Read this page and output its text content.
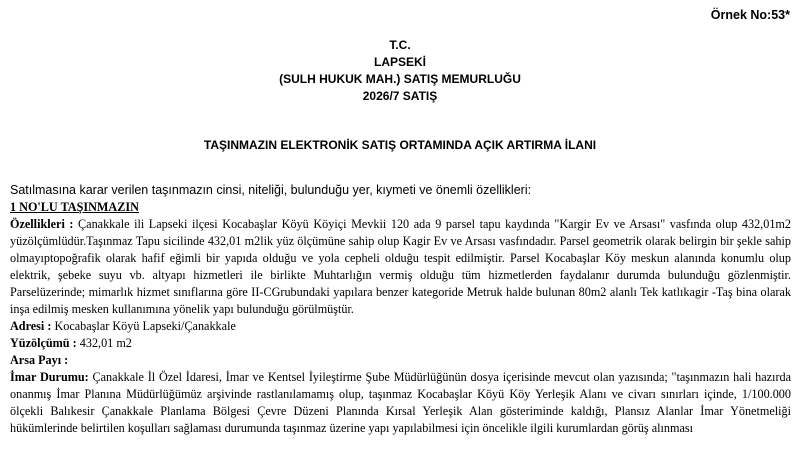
Örnek No:53*
T.C.
LAPSEKİ
(SULH HUKUK MAH.) SATIŞ MEMURLUĞU
2026/7 SATIŞ
TAŞINMAZIN ELEKTRONİK SATIŞ ORTAMINDA AÇIK ARTIRMA İLANI
Satılmasına karar verilen taşınmazın cinsi, niteliği, bulunduğu yer, kıymeti ve önemli özellikleri:

1 NO'LU TAŞINMAZIN

Özellikleri : Çanakkale ili Lapseki ilçesi Kocabaşlar Köyü Köyiçi Mevkii 120 ada 9 parsel tapu kaydında "Kargir Ev ve Arsası" vasfında olup 432,01m2 yüzölçümlüdür.Taşınmaz Tapu sicilinde 432,01 m2lik yüz ölçümüne sahip olup Kagir Ev ve Arsası vasfındadır. Parsel geometrik olarak belirgin bir şekle sahip olmayıptopoğrafik olarak hafif eğimli bir yapıda olduğu ve yola cepheli olduğu tespit edilmiştir. Parsel Kocabaşlar Köy meskun alanında konumlu olup elektrik, şebeke suyu vb. altyapı hizmetleri ile birlikte Muhtarlığın vermiş olduğu tüm hizmetlerden faydalanır durumda bulunduğu gözlenmiştir. Parselüzerinde; mimarlık hizmet sınıflarına göre II-CGrubundaki yapılara benzer kategoride Metruk halde bulunan 80m2 alanlı Tek katlıkagir -Taş bina olarak inşa edilmiş mesken kullanımına yönelik yapı bulunduğu görülmüştür.

Adresi : Kocabaşlar Köyü Lapseki/Çanakkale

Yüzölçümü : 432,01 m2

Arsa Payı :

İmar Durumu: Çanakkale İl Özel İdaresi, İmar ve Kentsel İyileştirme Şube Müdürlüğünün dosya içerisinde mevcut olan yazısında; "taşınmazın hali hazırda onanmış İmar Planına Müdürlüğümüz arşivinde rastlanılamamış olup, taşınmaz Kocabaşlar Köyü Köy Yerleşik Alanı ve civarı sınırları içinde, 1/100.000 ölçekli Balıkesir Çanakkale Planlama Bölgesi Çevre Düzeni Planında Kırsal Yerleşik Alan gösteriminde kaldığı, Plansız Alanlar İmar Yönetmeliği hükümlerinde belirtilen koşulları sağlaması durumunda taşınmaz üzerine yapı yapılabilmesi için öncelikle ilgili kurumlardan görüş alınması
